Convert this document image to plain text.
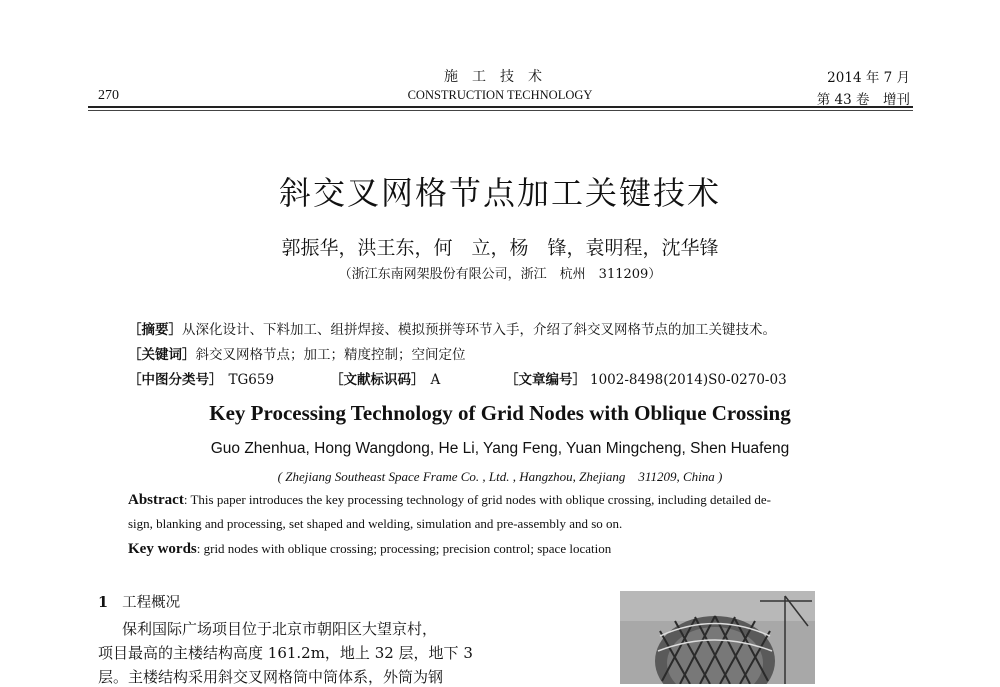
270
施工技术
CONSTRUCTION TECHNOLOGY
2014 年 7 月
第 43 卷　增刊
斜交叉网格节点加工关键技术
郭振华，洪王东，何　立，杨　锋，袁明程，沈华锋
（浙江东南网架股份有限公司，浙江　杭州　311209）
［摘要］从深化设计、下料加工、组拼焊接、模拟预拼等环节入手，介绍了斜交叉网格节点的加工关键技术。
［关键词］斜交叉网格节点；加工；精度控制；空间定位
［中图分类号］ TG659	［文献标识码］ A	［文章编号］ 1002-8498(2014)S0-0270-03
Key Processing Technology of Grid Nodes with Oblique Crossing
Guo Zhenhua, Hong Wangdong, He Li, Yang Feng, Yuan Mingcheng, Shen Huafeng
( Zhejiang Southeast Space Frame Co. , Ltd. , Hangzhou, Zhejiang　311209, China )
Abstract: This paper introduces the key processing technology of grid nodes with oblique crossing, including detailed de-
sign, blanking and processing, set shaped and welding, simulation and pre-assembly and so on.
Key words: grid nodes with oblique crossing; processing; precision control; space location
1 工程概况
保利国际广场项目位于北京市朝阳区大望京村，
项目最高的主楼结构高度 161.2m，地上 32 层，地下 3
层。主楼结构采用斜交叉网格筒中筒体系，外筒为钢
